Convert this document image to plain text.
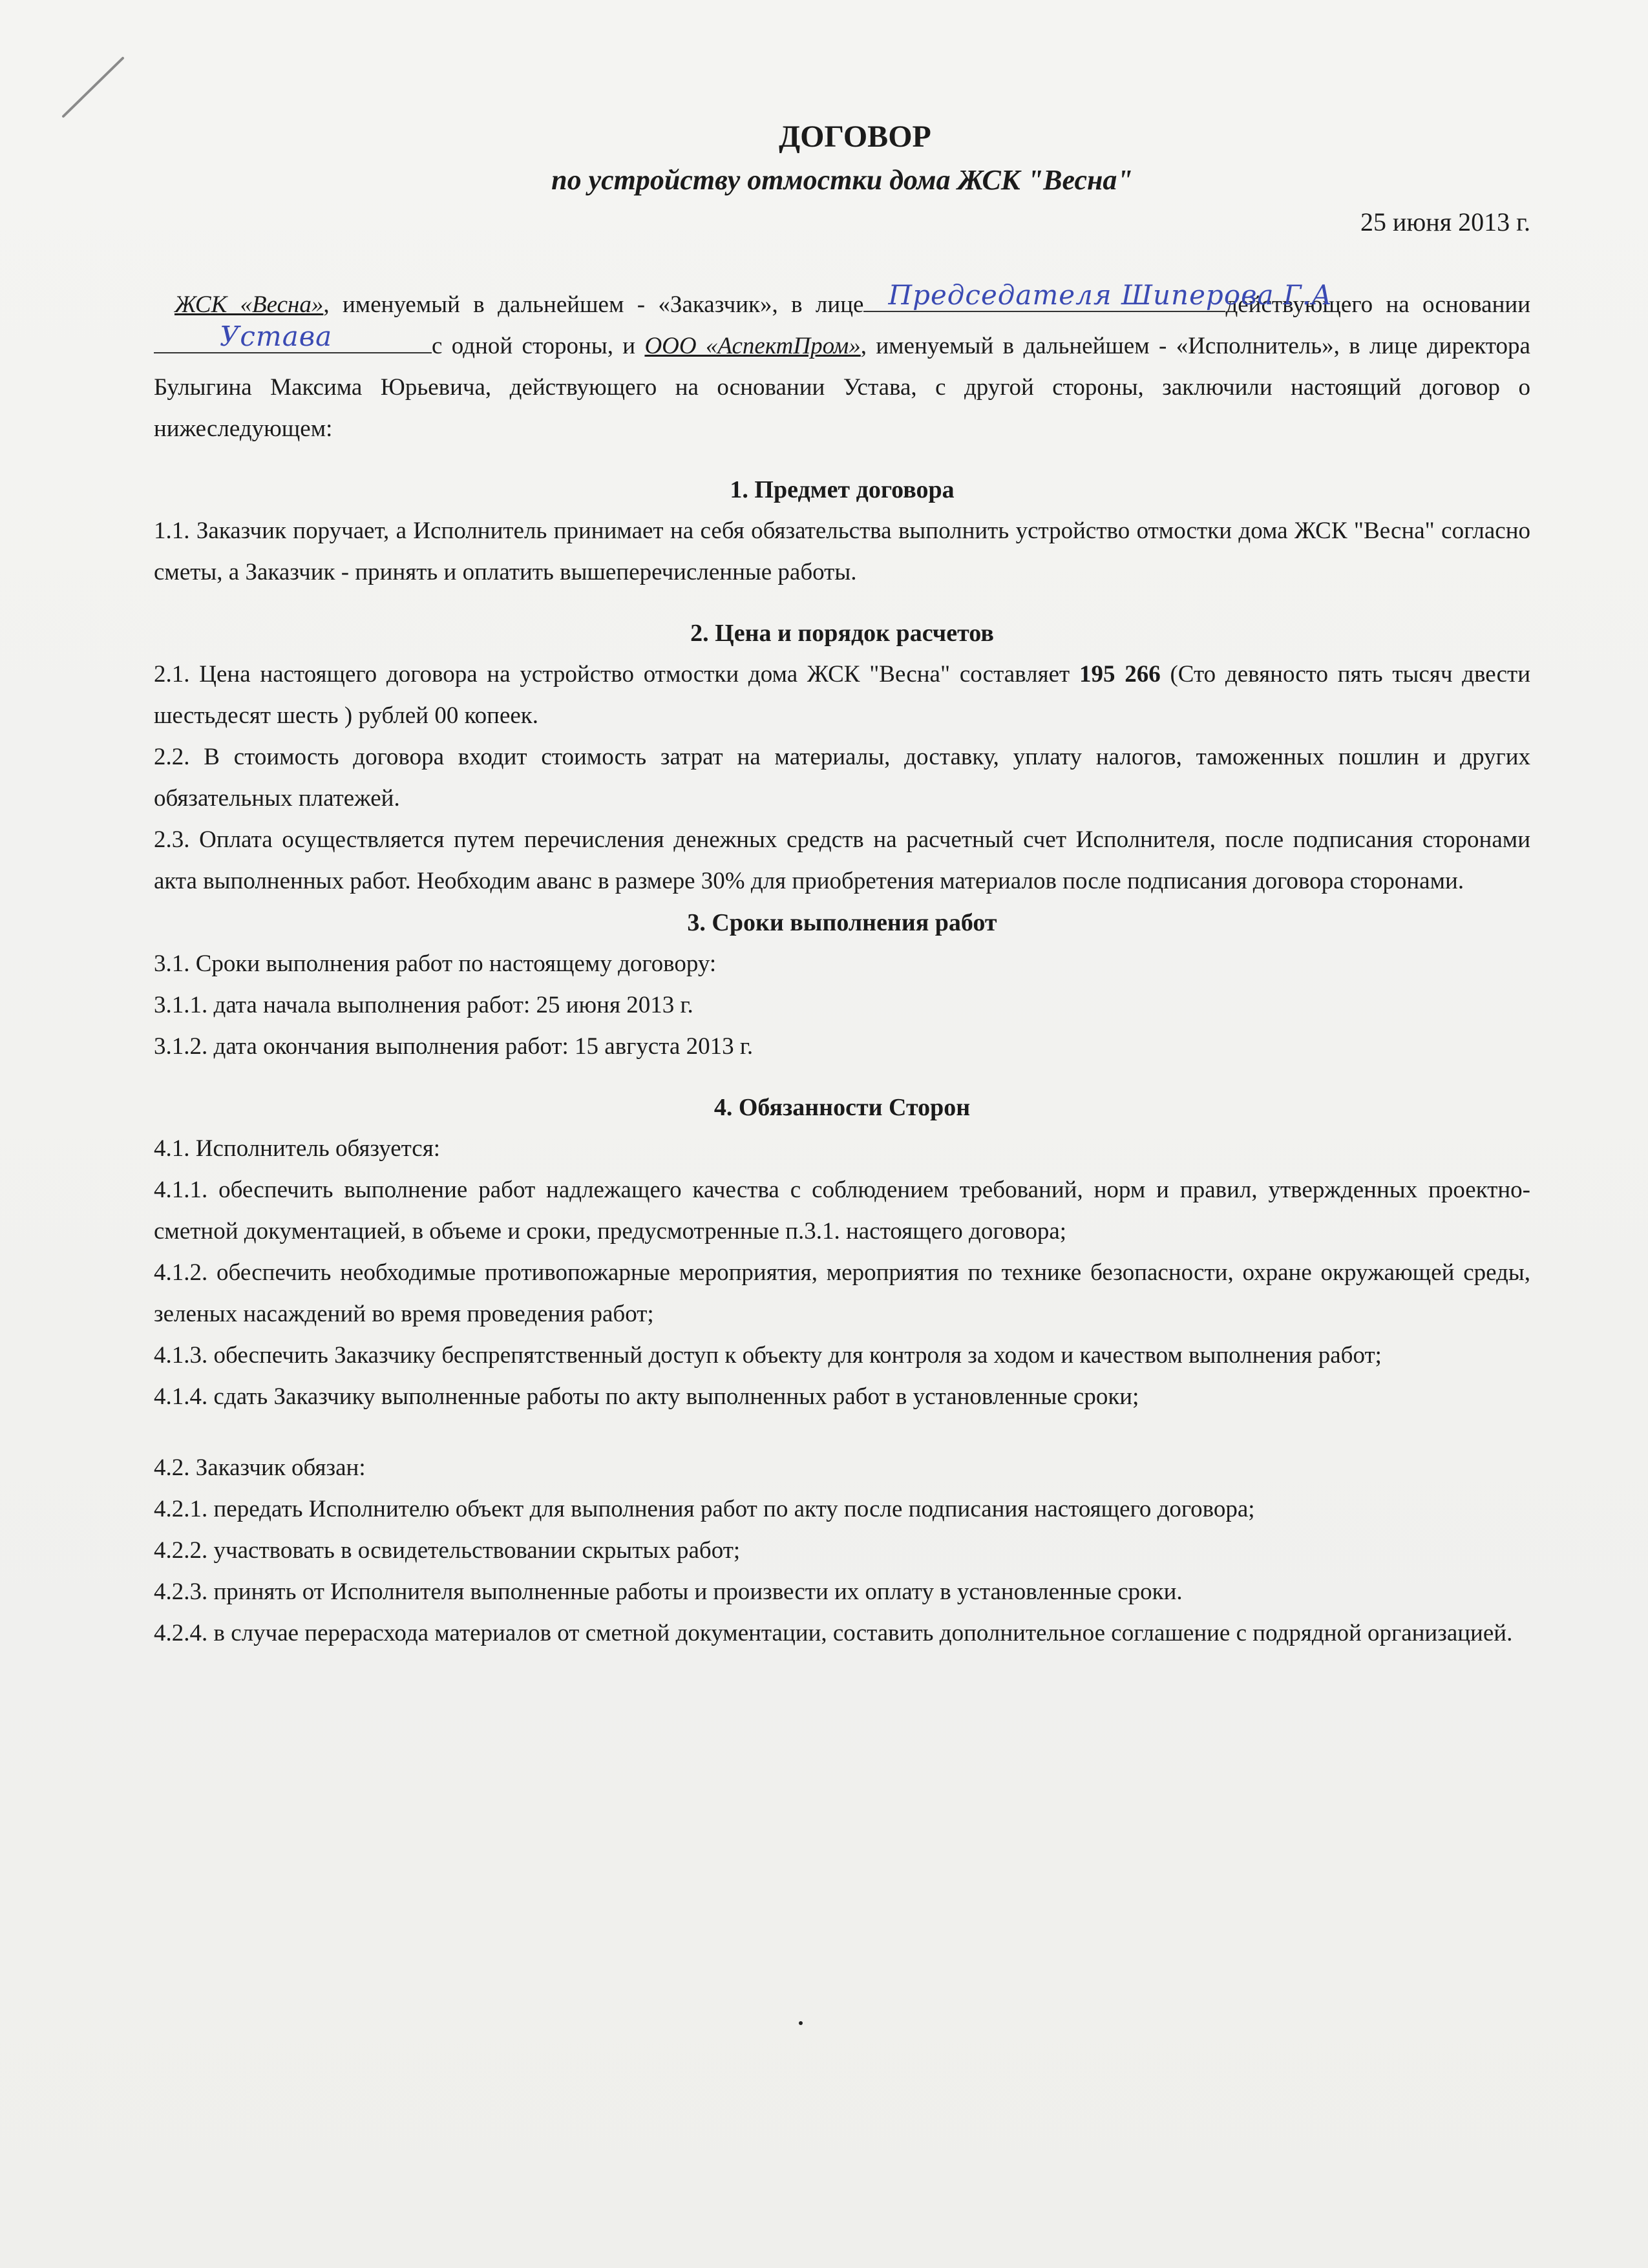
ДОГОВОР
по устройству отмостки дома ЖСК "Весна"

25 июня 2013 г.

ЖСК «Весна», именуемый в дальнейшем - «Заказчик», в лице Председателя Шиперова Г.А
действующего на основании
Устава	с одной стороны, и ООО «АспектПром», именуемый в дальнейшем - «Исполнитель», в лице директора Булыгина Максима Юрьевича, действующего на основании Устава, с другой стороны, заключили настоящий договор о нижеследующем:

1. Предмет договора

1.1. Заказчик поручает, а Исполнитель принимает на себя обязательства выполнить устройство отмостки дома ЖСК "Весна" согласно сметы, а Заказчик - принять и оплатить вышеперечисленные работы.

2. Цена и порядок расчетов

2.1. Цена настоящего договора на устройство отмостки дома ЖСК "Весна" составляет 195 266 (Сто девяносто пять тысяч двести шестьдесят шесть ) рублей 00 копеек.

2.2. В стоимость договора входит стоимость затрат на материалы, доставку, уплату налогов, таможенных пошлин и других обязательных платежей.

2.3. Оплата осуществляется путем перечисления денежных средств на расчетный счет Исполнителя, после подписания сторонами акта выполненных работ. Необходим аванс в размере 30% для приобретения материалов после подписания договора сторонами.

3. Сроки выполнения работ

3.1. Сроки выполнения работ по настоящему договору:

3.1.1. дата начала выполнения работ: 25 июня 2013 г.

3.1.2. дата окончания выполнения работ: 15 августа 2013 г.

4. Обязанности Сторон

4.1. Исполнитель обязуется:

4.1.1. обеспечить выполнение работ надлежащего качества с соблюдением требований, норм и правил, утвержденных проектно-сметной документацией, в объеме и сроки, предусмотренные п.3.1. настоящего договора;

4.1.2. обеспечить необходимые противопожарные мероприятия, мероприятия по технике безопасности, охране окружающей среды, зеленых насаждений во время проведения работ;

4.1.3. обеспечить Заказчику беспрепятственный доступ к объекту для контроля за ходом и качеством выполнения работ;

4.1.4. сдать Заказчику выполненные работы по акту выполненных работ в установленные сроки;

4.2. Заказчик обязан:

4.2.1. передать Исполнителю объект для выполнения работ по акту после подписания настоящего договора;

4.2.2. участвовать в освидетельствовании скрытых работ;

4.2.3. принять от Исполнителя выполненные работы и произвести их оплату в установленные сроки.

4.2.4. в случае перерасхода материалов от сметной документации, составить дополнительное соглашение с подрядной организацией.
